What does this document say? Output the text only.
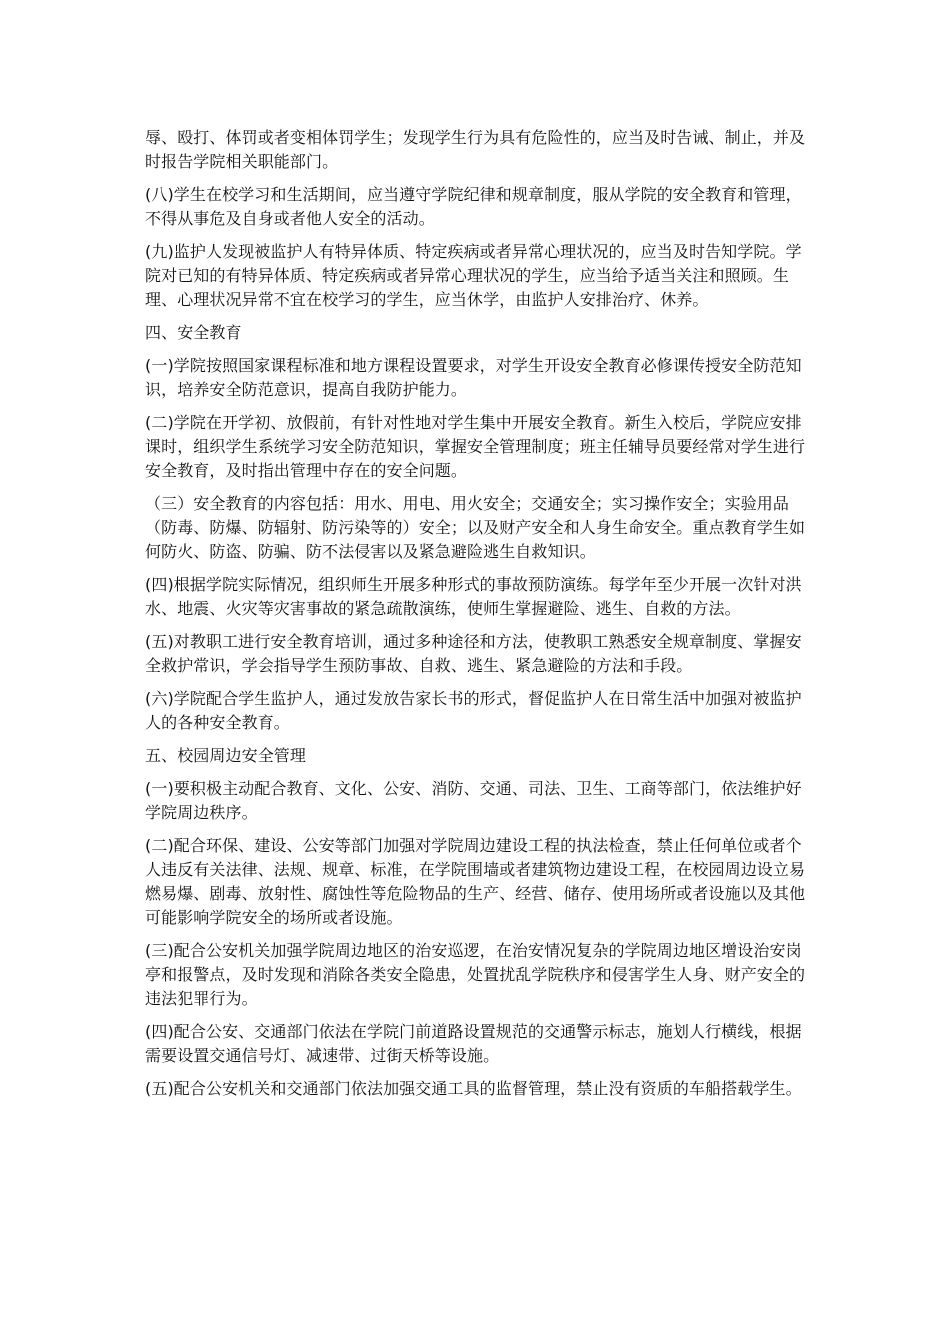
辱、殴打、体罚或者变相体罚学生；发现学生行为具有危险性的，应当及时告诫、制止，并及时报告学院相关职能部门。

(八)学生在校学习和生活期间，应当遵守学院纪律和规章制度，服从学院的安全教育和管理，不得从事危及自身或者他人安全的活动。

(九)监护人发现被监护人有特异体质、特定疾病或者异常心理状况的，应当及时告知学院。学院对已知的有特异体质、特定疾病或者异常心理状况的学生，应当给予适当关注和照顾。生理、心理状况异常不宜在校学习的学生，应当休学，由监护人安排治疗、休养。

四、安全教育

(一)学院按照国家课程标准和地方课程设置要求，对学生开设安全教育必修课传授安全防范知识，培养安全防范意识，提高自我防护能力。

(二)学院在开学初、放假前，有针对性地对学生集中开展安全教育。新生入校后，学院应安排课时，组织学生系统学习安全防范知识，掌握安全管理制度；班主任辅导员要经常对学生进行安全教育，及时指出管理中存在的安全问题。

（三）安全教育的内容包括：用水、用电、用火安全；交通安全；实习操作安全；实验用品（防毒、防爆、防辐射、防污染等的）安全；以及财产安全和人身生命安全。重点教育学生如何防火、防盗、防骗、防不法侵害以及紧急避险逃生自救知识。

(四)根据学院实际情况，组织师生开展多种形式的事故预防演练。每学年至少开展一次针对洪水、地震、火灾等灾害事故的紧急疏散演练，使师生掌握避险、逃生、自救的方法。

(五)对教职工进行安全教育培训，通过多种途径和方法，使教职工熟悉安全规章制度、掌握安全救护常识，学会指导学生预防事故、自救、逃生、紧急避险的方法和手段。

(六)学院配合学生监护人，通过发放告家长书的形式，督促监护人在日常生活中加强对被监护人的各种安全教育。

五、校园周边安全管理

(一)要积极主动配合教育、文化、公安、消防、交通、司法、卫生、工商等部门，依法维护好学院周边秩序。

(二)配合环保、建设、公安等部门加强对学院周边建设工程的执法检查，禁止任何单位或者个人违反有关法律、法规、规章、标准，在学院围墙或者建筑物边建设工程，在校园周边设立易燃易爆、剧毒、放射性、腐蚀性等危险物品的生产、经营、储存、使用场所或者设施以及其他可能影响学院安全的场所或者设施。

(三)配合公安机关加强学院周边地区的治安巡逻，在治安情况复杂的学院周边地区增设治安岗亭和报警点，及时发现和消除各类安全隐患，处置扰乱学院秩序和侵害学生人身、财产安全的违法犯罪行为。

(四)配合公安、交通部门依法在学院门前道路设置规范的交通警示标志，施划人行横线，根据需要设置交通信号灯、减速带、过街天桥等设施。

(五)配合公安机关和交通部门依法加强交通工具的监督管理，禁止没有资质的车船搭载学生。
